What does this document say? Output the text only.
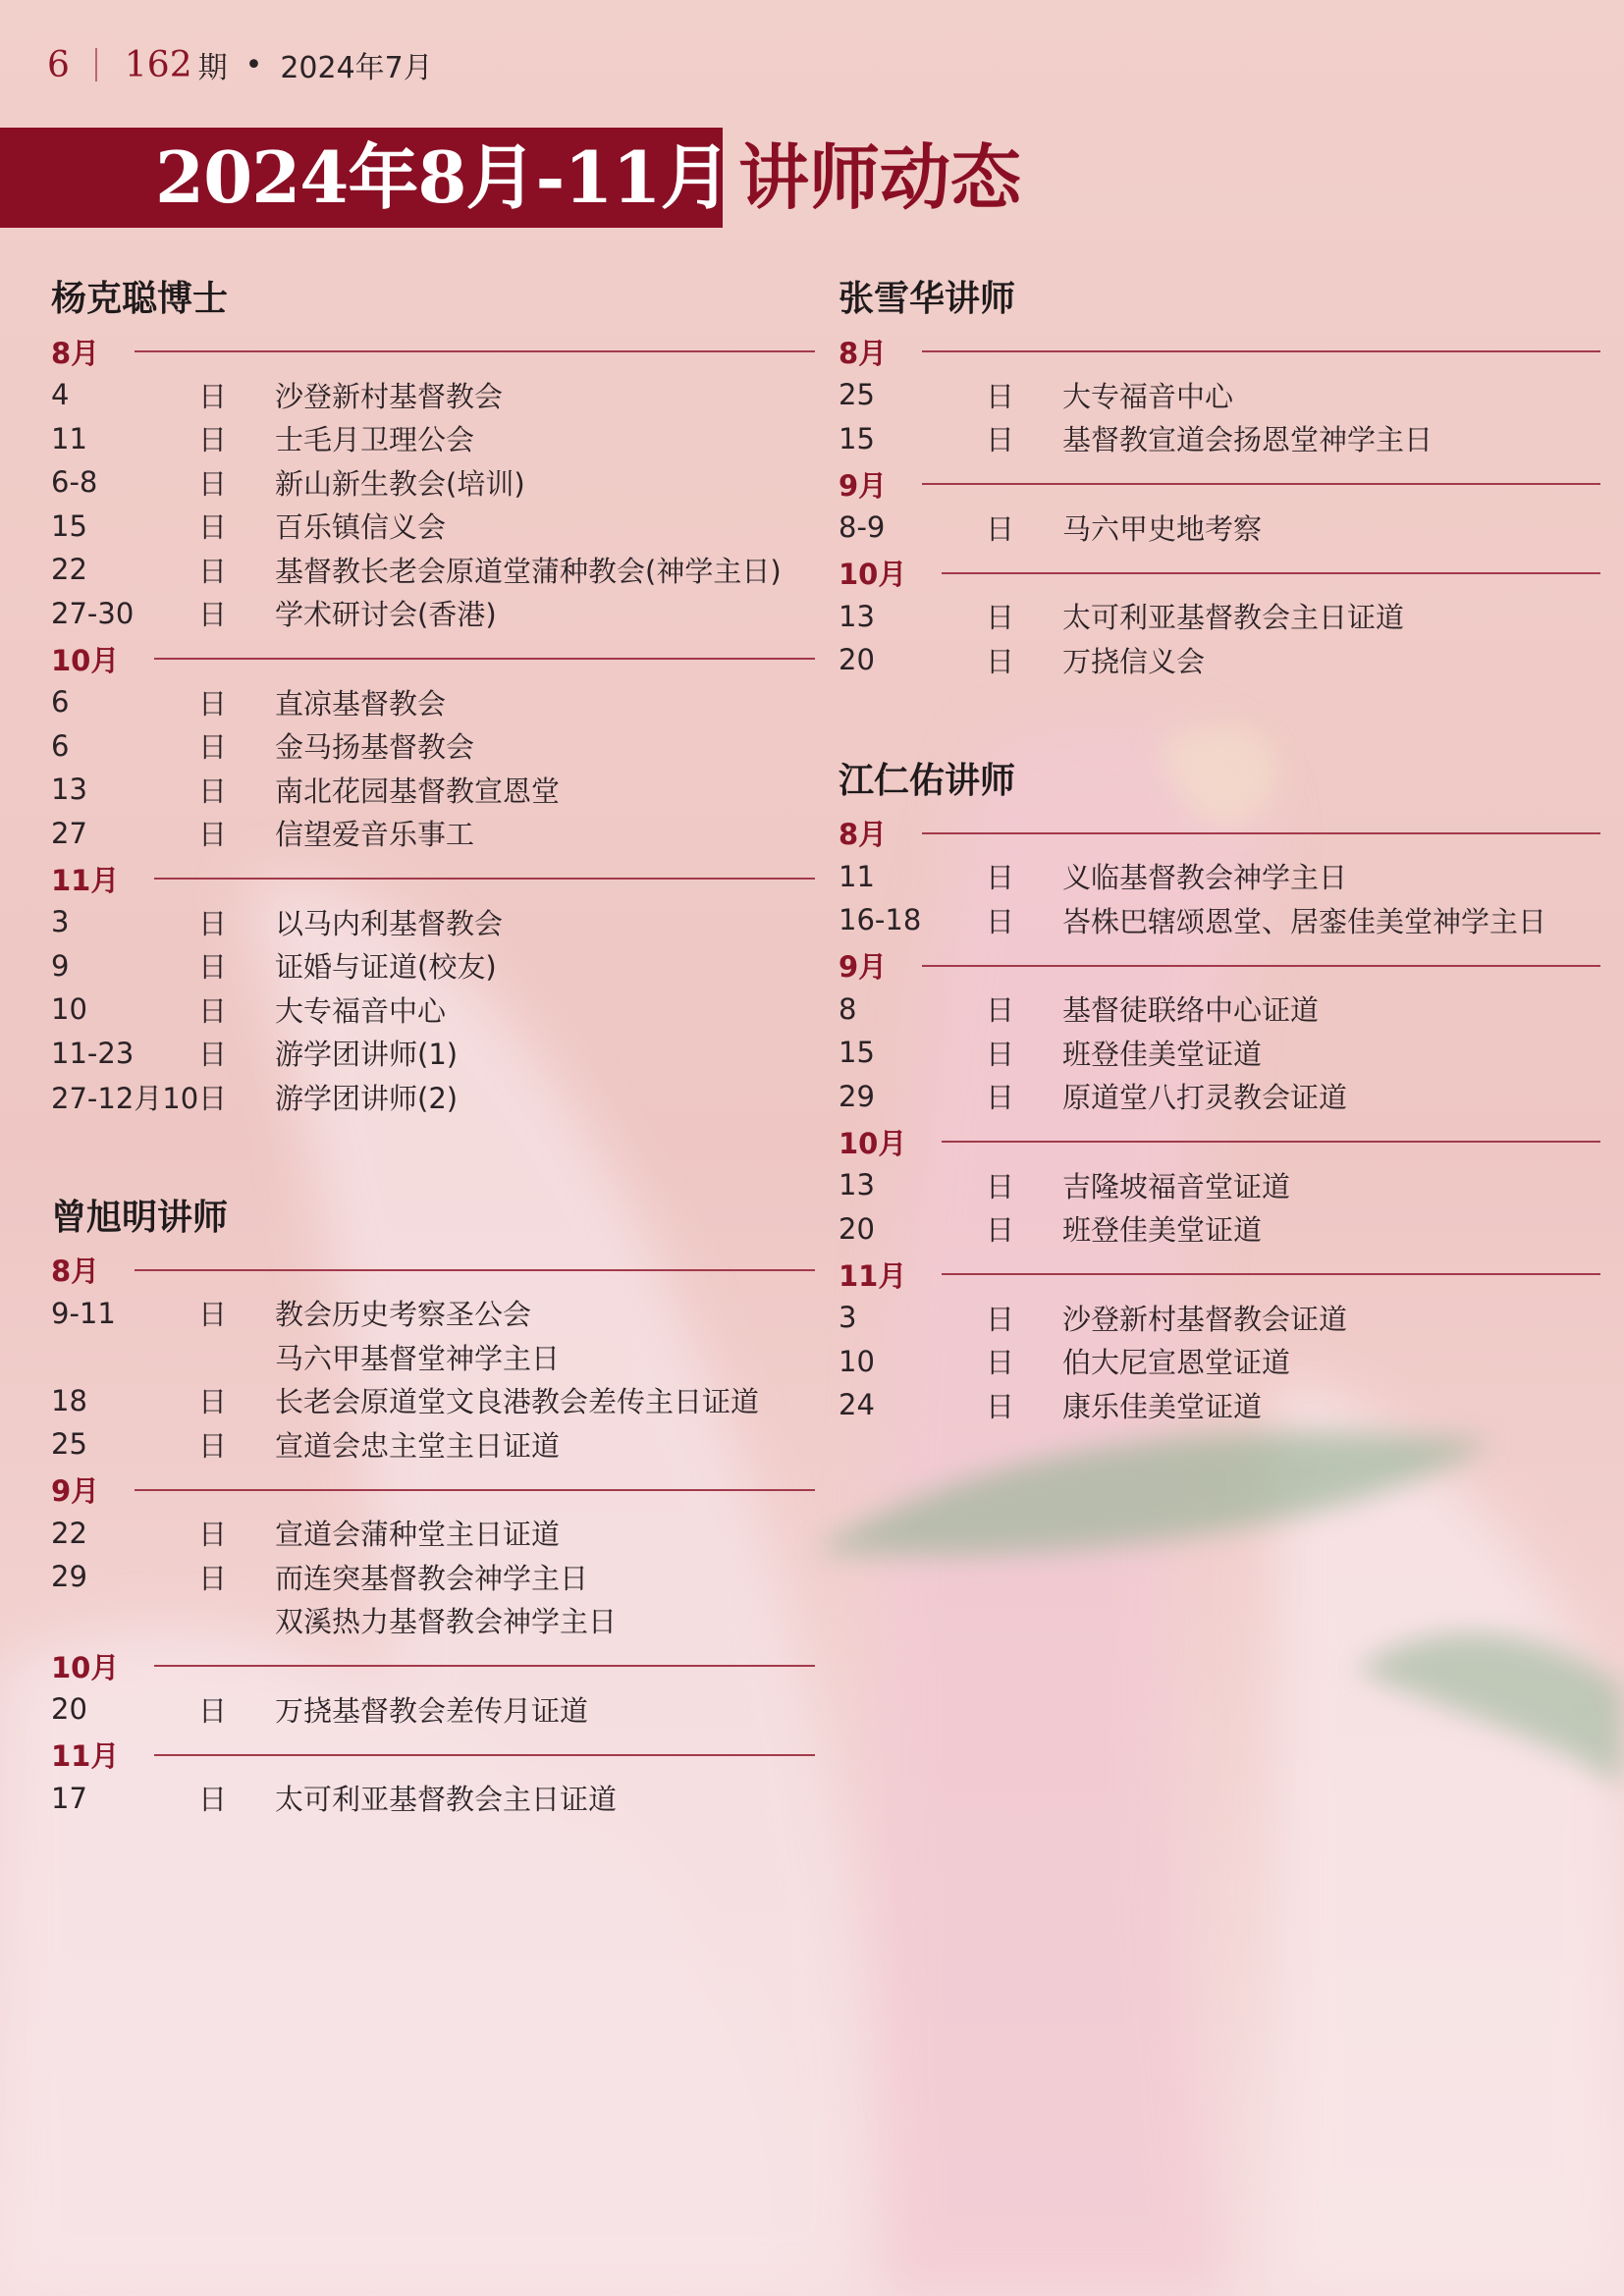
6 162 期 • 2024年7月
2024年8月-11月 讲师动态
杨克聪博士
8月
4	日	沙登新村基督教会
11	日	士毛月卫理公会
6-8	日	新山新生教会(培训)
15	日	百乐镇信义会
22	日	基督教长老会原道堂蒲种教会(神学主日)
27-30	日	学术研讨会(香港)
10月
6	日	直凉基督教会
6	日	金马扬基督教会
13	日	南北花园基督教宣恩堂
27	日	信望爱音乐事工
11月
3	日	以马内利基督教会
9	日	证婚与证道(校友)
10	日	大专福音中心
11-23	日	游学团讲师(1)
27-12月10 日	游学团讲师(2)
曾旭明讲师
8月
9-11	日	教会历史考察圣公会
马六甲基督堂神学主日
18	日	长老会原道堂文良港教会差传主日证道
25	日	宣道会忠主堂主日证道
9月
22	日	宣道会蒲种堂主日证道
29	日	而连突基督教会神学主日
双溪热力基督教会神学主日
10月
20	日	万挠基督教会差传月证道
11月
17	日	太可利亚基督教会主日证道
张雪华讲师
8月
25	日	大专福音中心
15	日	基督教宣道会扬恩堂神学主日
9月
8-9	日	马六甲史地考察
10月
13	日	太可利亚基督教会主日证道
20	日	万挠信义会
江仁佑讲师
8月
11	日	义临基督教会神学主日
16-18	日	峇株巴辖颂恩堂、居銮佳美堂神学主日
9月
8	日	基督徒联络中心证道
15	日	班登佳美堂证道
29	日	原道堂八打灵教会证道
10月
13	日	吉隆坡福音堂证道
20	日	班登佳美堂证道
11月
3	日	沙登新村基督教会证道
10	日	伯大尼宣恩堂证道
24	日	康乐佳美堂证道
